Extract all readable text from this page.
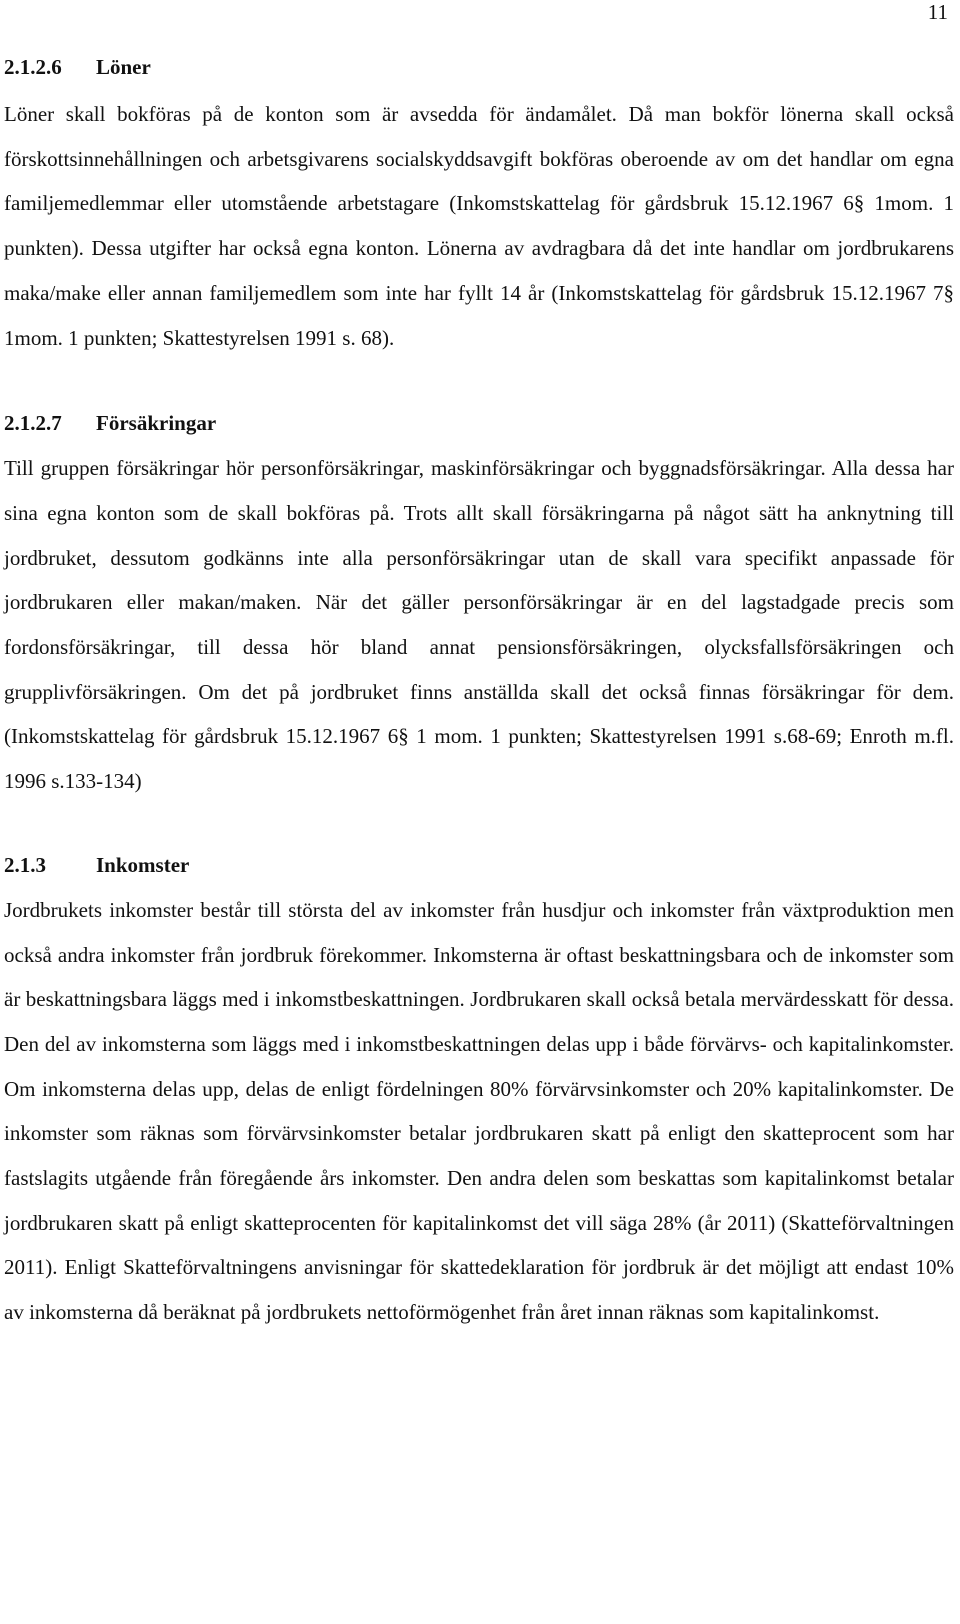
11
2.1.2.6 Löner

Löner skall bokföras på de konton som är avsedda för ändamålet. Då man bokför lönerna skall också förskottsinnehållningen och arbetsgivarens socialskyddsavgift bokföras oberoende av om det handlar om egna familjemedlemmar eller utomstående arbetstagare (Inkomstskattelag för gårdsbruk 15.12.1967 6§ 1mom. 1 punkten). Dessa utgifter har också egna konton. Lönerna av avdragbara då det inte handlar om jordbrukarens maka/make eller annan familjemedlem som inte har fyllt 14 år (Inkomstskattelag för gårdsbruk 15.12.1967 7§ 1mom. 1 punkten; Skattestyrelsen 1991 s. 68).

2.1.2.7 Försäkringar

Till gruppen försäkringar hör personförsäkringar, maskinförsäkringar och byggnadsförsäkringar. Alla dessa har sina egna konton som de skall bokföras på. Trots allt skall försäkringarna på något sätt ha anknytning till jordbruket, dessutom godkänns inte alla personförsäkringar utan de skall vara specifikt anpassade för jordbrukaren eller makan/maken. När det gäller personförsäkringar är en del lagstadgade precis som fordonsförsäkringar, till dessa hör bland annat pensionsförsäkringen, olycksfallsförsäkringen och grupplivförsäkringen. Om det på jordbruket finns anställda skall det också finnas försäkringar för dem. (Inkomstskattelag för gårdsbruk 15.12.1967 6§ 1 mom. 1 punkten; Skattestyrelsen 1991 s.68-69; Enroth m.fl. 1996 s.133-134)

2.1.3 Inkomster

Jordbrukets inkomster består till största del av inkomster från husdjur och inkomster från växtproduktion men också andra inkomster från jordbruk förekommer. Inkomsterna är oftast beskattningsbara och de inkomster som är beskattningsbara läggs med i inkomstbeskattningen. Jordbrukaren skall också betala mervärdesskatt för dessa. Den del av inkomsterna som läggs med i inkomstbeskattningen delas upp i både förvärvs- och kapitalinkomster. Om inkomsterna delas upp, delas de enligt fördelningen 80% förvärvsinkomster och 20% kapitalinkomster. De inkomster som räknas som förvärvsinkomster betalar jordbrukaren skatt på enligt den skatteprocent som har fastslagits utgående från föregående års inkomster. Den andra delen som beskattas som kapitalinkomst betalar jordbrukaren skatt på enligt skatteprocenten för kapitalinkomst det vill säga 28% (år 2011) (Skatteförvaltningen 2011). Enligt Skatteförvaltningens anvisningar för skattedeklaration för jordbruk är det möjligt att endast 10% av inkomsterna då beräknat på jordbrukets nettoförmögenhet från året innan räknas som kapitalinkomst.
